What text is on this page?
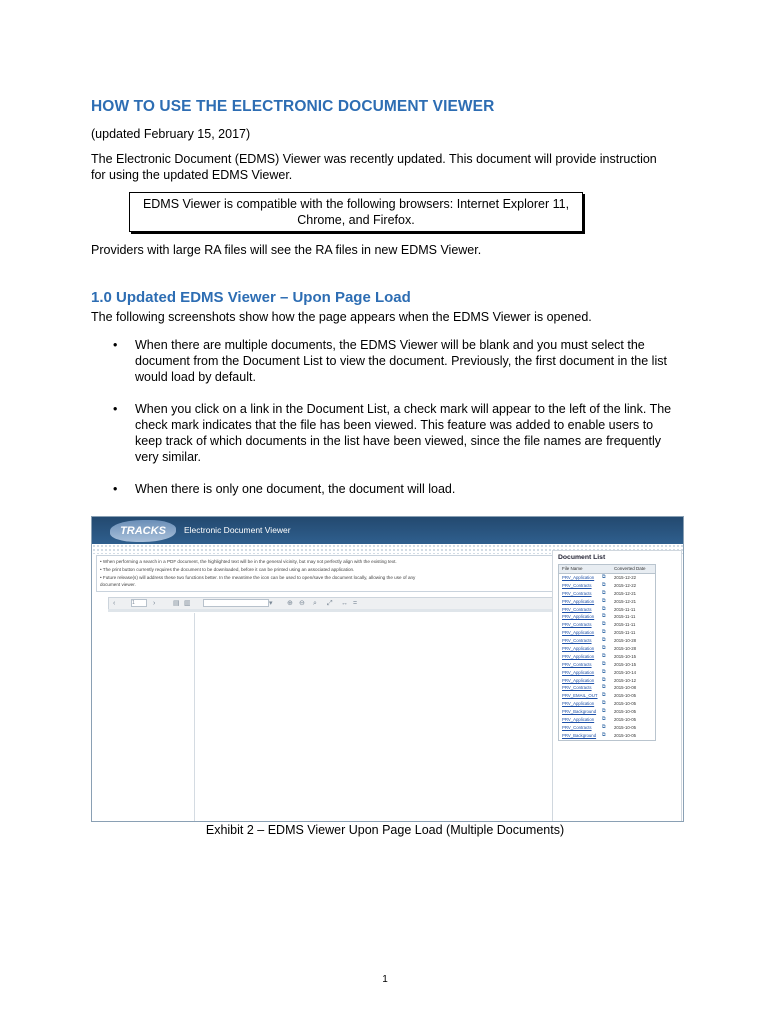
HOW TO USE THE ELECTRONIC DOCUMENT VIEWER
(updated February 15, 2017)
The Electronic Document (EDMS) Viewer was recently updated. This document will provide instruction
for using the updated EDMS Viewer.
EDMS Viewer is compatible with the following browsers: Internet Explorer 11,
Chrome, and Firefox.
Providers with large RA files will see the RA files in new EDMS Viewer.
1.0 Updated EDMS Viewer – Upon Page Load
The following screenshots show how the page appears when the EDMS Viewer is opened.
• When there are multiple documents, the EDMS Viewer will be blank and you must select the
document from the Document List to view the document. Previously, the first document in the list
would load by default.
• When you click on a link in the Document List, a check mark will appear to the left of the link. The
check mark indicates that the file has been viewed. This feature was added to enable users to
keep track of which documents in the list have been viewed, since the file names are frequently
very similar.
• When there is only one document, the document will load.
TRACKS	Electronic Document Viewer
• When performing a search in a PDF document, the highlighted text will be in the general vicinity, but may not perfectly align with the existing text.
• The print button currently requires the document to be downloaded, before it can be printed using an associated application.
• Future release(s) will address these two functions better. In the meantime the icon can be used to open/save the document locally, allowing the use of any
document viewer.
‹	1	›	▤ ▥	▾ ⊕ ⊖ ⌕ ⤢ ↔ =
Document List
File Name	Converted Date
PRV_Application ⧉ 2015-12-22
PRV_Contracts ⧉ 2015-12-22
PRV_Contracts ⧉ 2015-12-21
PRV_Application ⧉ 2015-12-21
PRV_Contracts ⧉ 2015-11-11
PRV_Application ⧉ 2015-11-11
PRV_Contracts ⧉ 2015-11-11
PRV_Application ⧉ 2015-11-11
PRV_Contracts ⧉ 2015-10-28
PRV_Application ⧉ 2015-10-28
PRV_Application ⧉ 2015-10-15
PRV_Contracts ⧉ 2015-10-15
PRV_Application ⧉ 2015-10-14
PRV_Application ⧉ 2015-10-12
PRV_Contracts ⧉ 2015-10-08
PRV_EMAIL_OUT ⧉ 2015-10-05
PRV_Application ⧉ 2015-10-05
PRV_Background ⧉ 2015-10-05
PRV_Application ⧉ 2015-10-05
PRV_Contracts ⧉ 2015-10-05
PRV_Background ⧉ 2015-10-05
Exhibit 2 – EDMS Viewer Upon Page Load (Multiple Documents)
1
